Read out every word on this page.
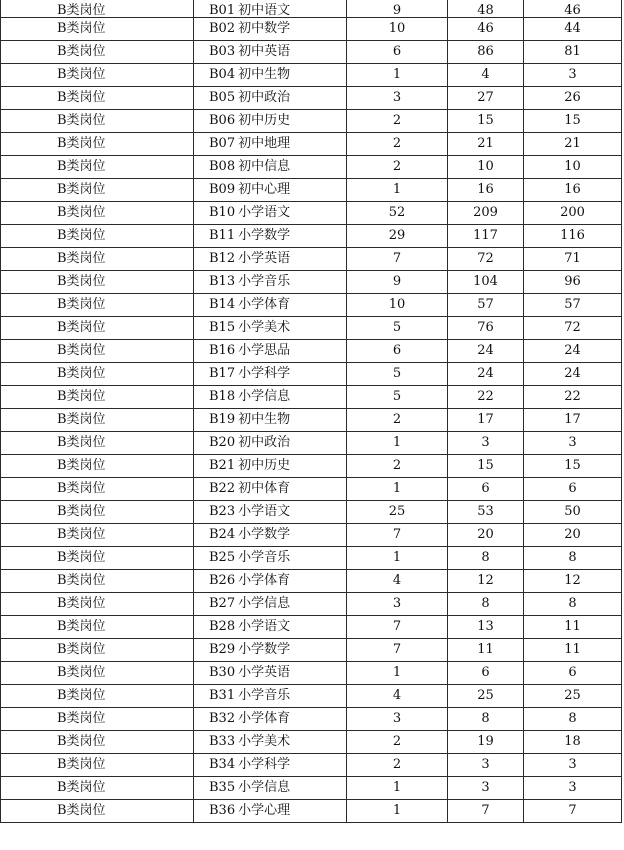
B类岗位	B01 初中语文	9	48	46
B类岗位	B02 初中数学	10	46	44
B类岗位	B03 初中英语	6	86	81
B类岗位	B04 初中生物	1	4	3
B类岗位	B05 初中政治	3	27	26
B类岗位	B06 初中历史	2	15	15
B类岗位	B07 初中地理	2	21	21
B类岗位	B08 初中信息	2	10	10
B类岗位	B09 初中心理	1	16	16
B类岗位	B10 小学语文	52	209	200
B类岗位	B11 小学数学	29	117	116
B类岗位	B12 小学英语	7	72	71
B类岗位	B13 小学音乐	9	104	96
B类岗位	B14 小学体育	10	57	57
B类岗位	B15 小学美术	5	76	72
B类岗位	B16 小学思品	6	24	24
B类岗位	B17 小学科学	5	24	24
B类岗位	B18 小学信息	5	22	22
B类岗位	B19 初中生物	2	17	17
B类岗位	B20 初中政治	1	3	3
B类岗位	B21 初中历史	2	15	15
B类岗位	B22 初中体育	1	6	6
B类岗位	B23 小学语文	25	53	50
B类岗位	B24 小学数学	7	20	20
B类岗位	B25 小学音乐	1	8	8
B类岗位	B26 小学体育	4	12	12
B类岗位	B27 小学信息	3	8	8
B类岗位	B28 小学语文	7	13	11
B类岗位	B29 小学数学	7	11	11
B类岗位	B30 小学英语	1	6	6
B类岗位	B31 小学音乐	4	25	25
B类岗位	B32 小学体育	3	8	8
B类岗位	B33 小学美术	2	19	18
B类岗位	B34 小学科学	2	3	3
B类岗位	B35 小学信息	1	3	3
B类岗位	B36 小学心理	1	7	7
